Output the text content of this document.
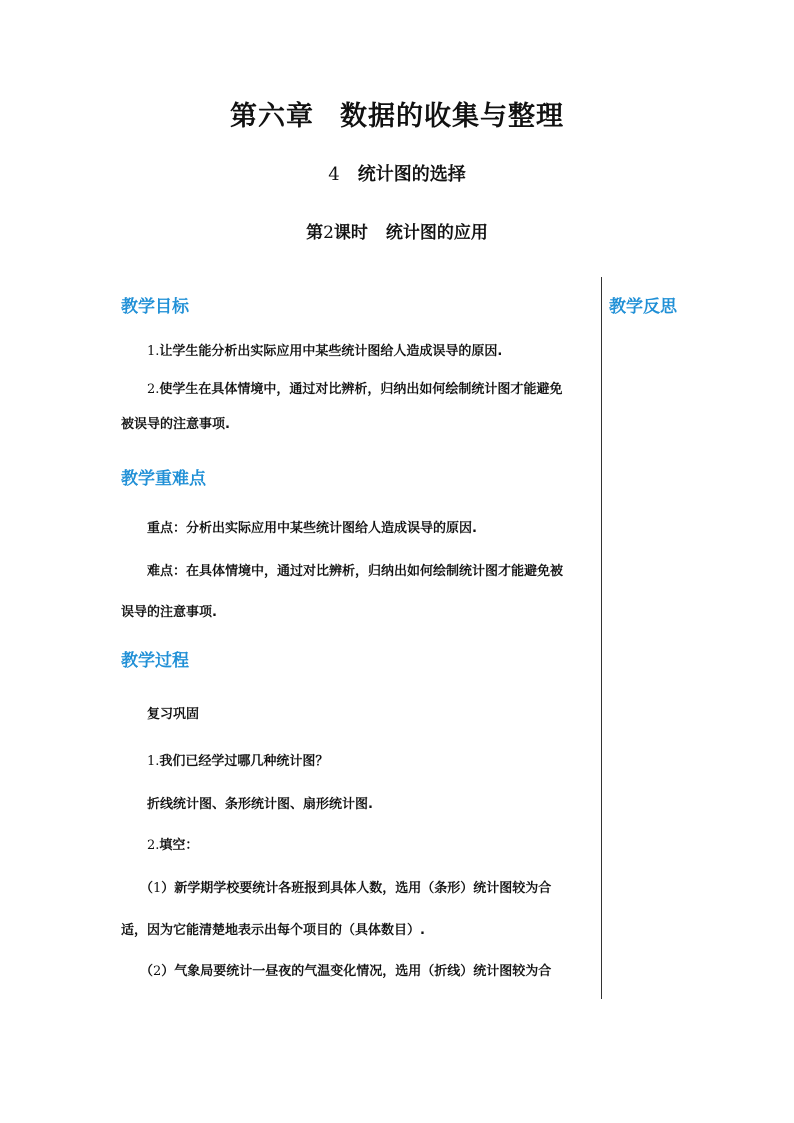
第六章 数据的收集与整理
4 统计图的选择
第2课时 统计图的应用
教学反思
教学目标

1.让学生能分析出实际应用中某些统计图给人造成误导的原因.

2.使学生在具体情境中，通过对比辨析，归纳出如何绘制统计图才能避免

被误导的注意事项.

教学重难点

重点：分析出实际应用中某些统计图给人造成误导的原因.

难点：在具体情境中，通过对比辨析，归纳出如何绘制统计图才能避免被

误导的注意事项.

教学过程

复习巩固

1.我们已经学过哪几种统计图？

折线统计图、条形统计图、扇形统计图.

2.填空：

（1）新学期学校要统计各班报到具体人数，选用（条形）统计图较为合

适，因为它能清楚地表示出每个项目的（具体数目）.

（2）气象局要统计一昼夜的气温变化情况，选用（折线）统计图较为合
